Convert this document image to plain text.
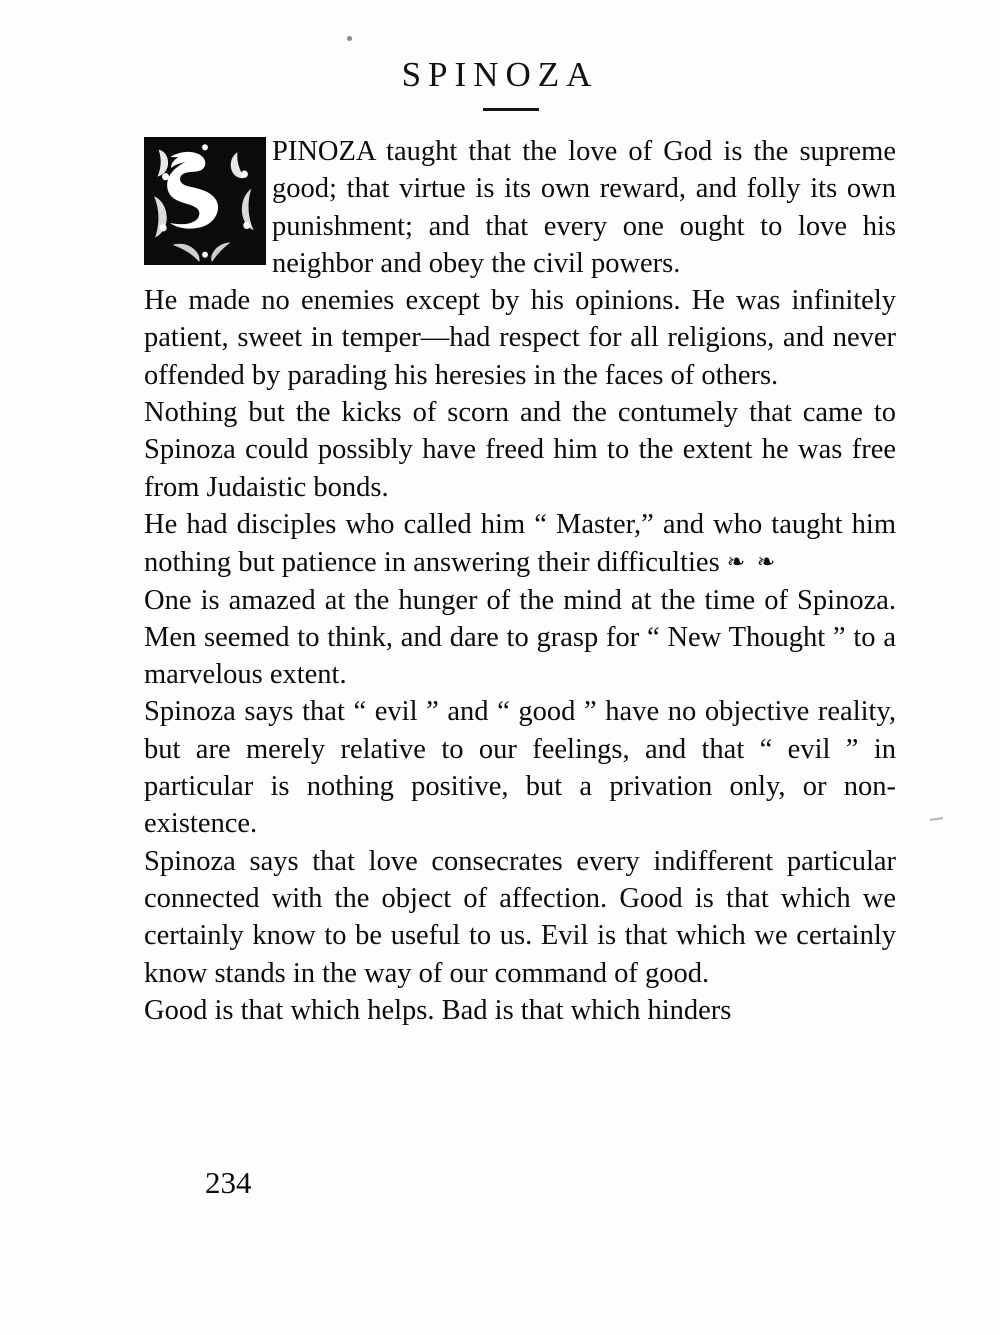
SPINOZA
PINOZA taught that the love of God is the supreme good; that virtue is its own reward, and folly its own punishment; and that every one ought to love his neighbor and obey the civil powers.
He made no enemies except by his opinions. He was infinitely patient, sweet in temper—had respect for all religions, and never offended by parading his heresies in the faces of others.
Nothing but the kicks of scorn and the contumely that came to Spinoza could possibly have freed him to the extent he was free from Judaistic bonds.
He had disciples who called him “ Master,” and who taught him nothing but patience in answering their difficulties ❧ ❧
One is amazed at the hunger of the mind at the time of Spinoza. Men seemed to think, and dare to grasp for “ New Thought ” to a marvelous extent.
Spinoza says that “ evil ” and “ good ” have no objective reality, but are merely relative to our feelings, and that “ evil ” in particular is nothing positive, but a privation only, or non-existence.
Spinoza says that love consecrates every indifferent particular connected with the object of affection. Good is that which we certainly know to be useful to us. Evil is that which we certainly know stands in the way of our command of good.
Good is that which helps. Bad is that which hinders
234
